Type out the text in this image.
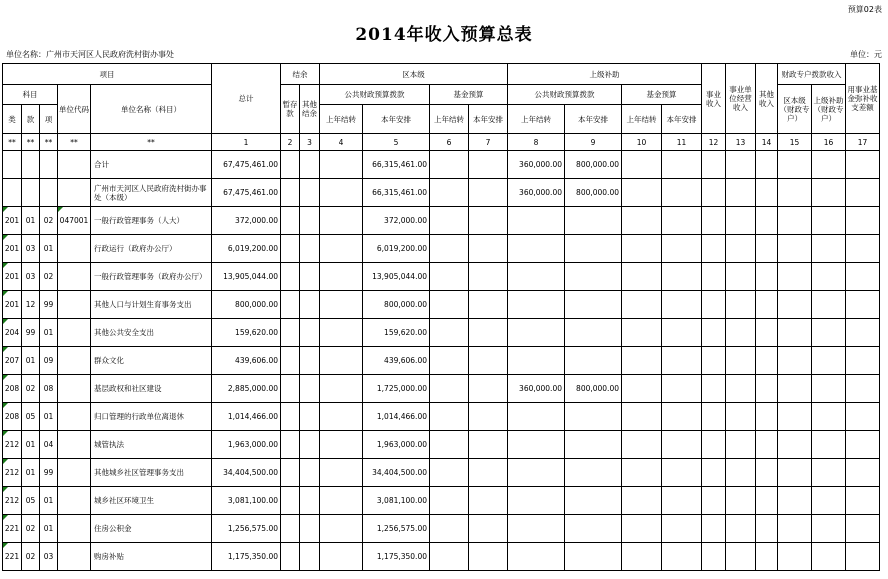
预算02表
2014年收入预算总表
单位名称：广州市天河区人民政府洗村街办事处	单位：元
项目					总计	结余		区本级				上级补助				事业收入	事业单位经营收入	其他收入	财政专户拨款收入		用事业基金弥补收支差额
科目			单位代码	单位名称（科目）		暂存款	其他结余	公共财政预算拨款		基金预算		公共财政预算拨款		基金预算					区本级（财政专户）	上级补助（财政专户）	
类	款	项						上年结转	本年安排	上年结转	本年安排	上年结转	本年安排	上年结转	本年安排						
**	**	**	**	**	1	2	3	4	5	6	7	8	9	10	11	12	13	14	15	16	17
				合计	67,475,461.00				66,315,461.00			360,000.00	800,000.00								
				广州市天河区人民政府洗村街办事处（本级）	67,475,461.00				66,315,461.00			360,000.00	800,000.00								
201	01	02	047001	一般行政管理事务（人大）	372,000.00				372,000.00												
201	03	01		行政运行（政府办公厅）	6,019,200.00				6,019,200.00												
201	03	02		一般行政管理事务（政府办公厅）	13,905,044.00				13,905,044.00												
201	12	99		其他人口与计划生育事务支出	800,000.00				800,000.00												
204	99	01		其他公共安全支出	159,620.00				159,620.00												
207	01	09		群众文化	439,606.00				439,606.00												
208	02	08		基层政权和社区建设	2,885,000.00				1,725,000.00			360,000.00	800,000.00								
208	05	01		归口管理的行政单位离退休	1,014,466.00				1,014,466.00												
212	01	04		城管执法	1,963,000.00				1,963,000.00												
212	01	99		其他城乡社区管理事务支出	34,404,500.00				34,404,500.00												
212	05	01		城乡社区环境卫生	3,081,100.00				3,081,100.00												
221	02	01		住房公积金	1,256,575.00				1,256,575.00												
221	02	03		购房补贴	1,175,350.00				1,175,350.00												
